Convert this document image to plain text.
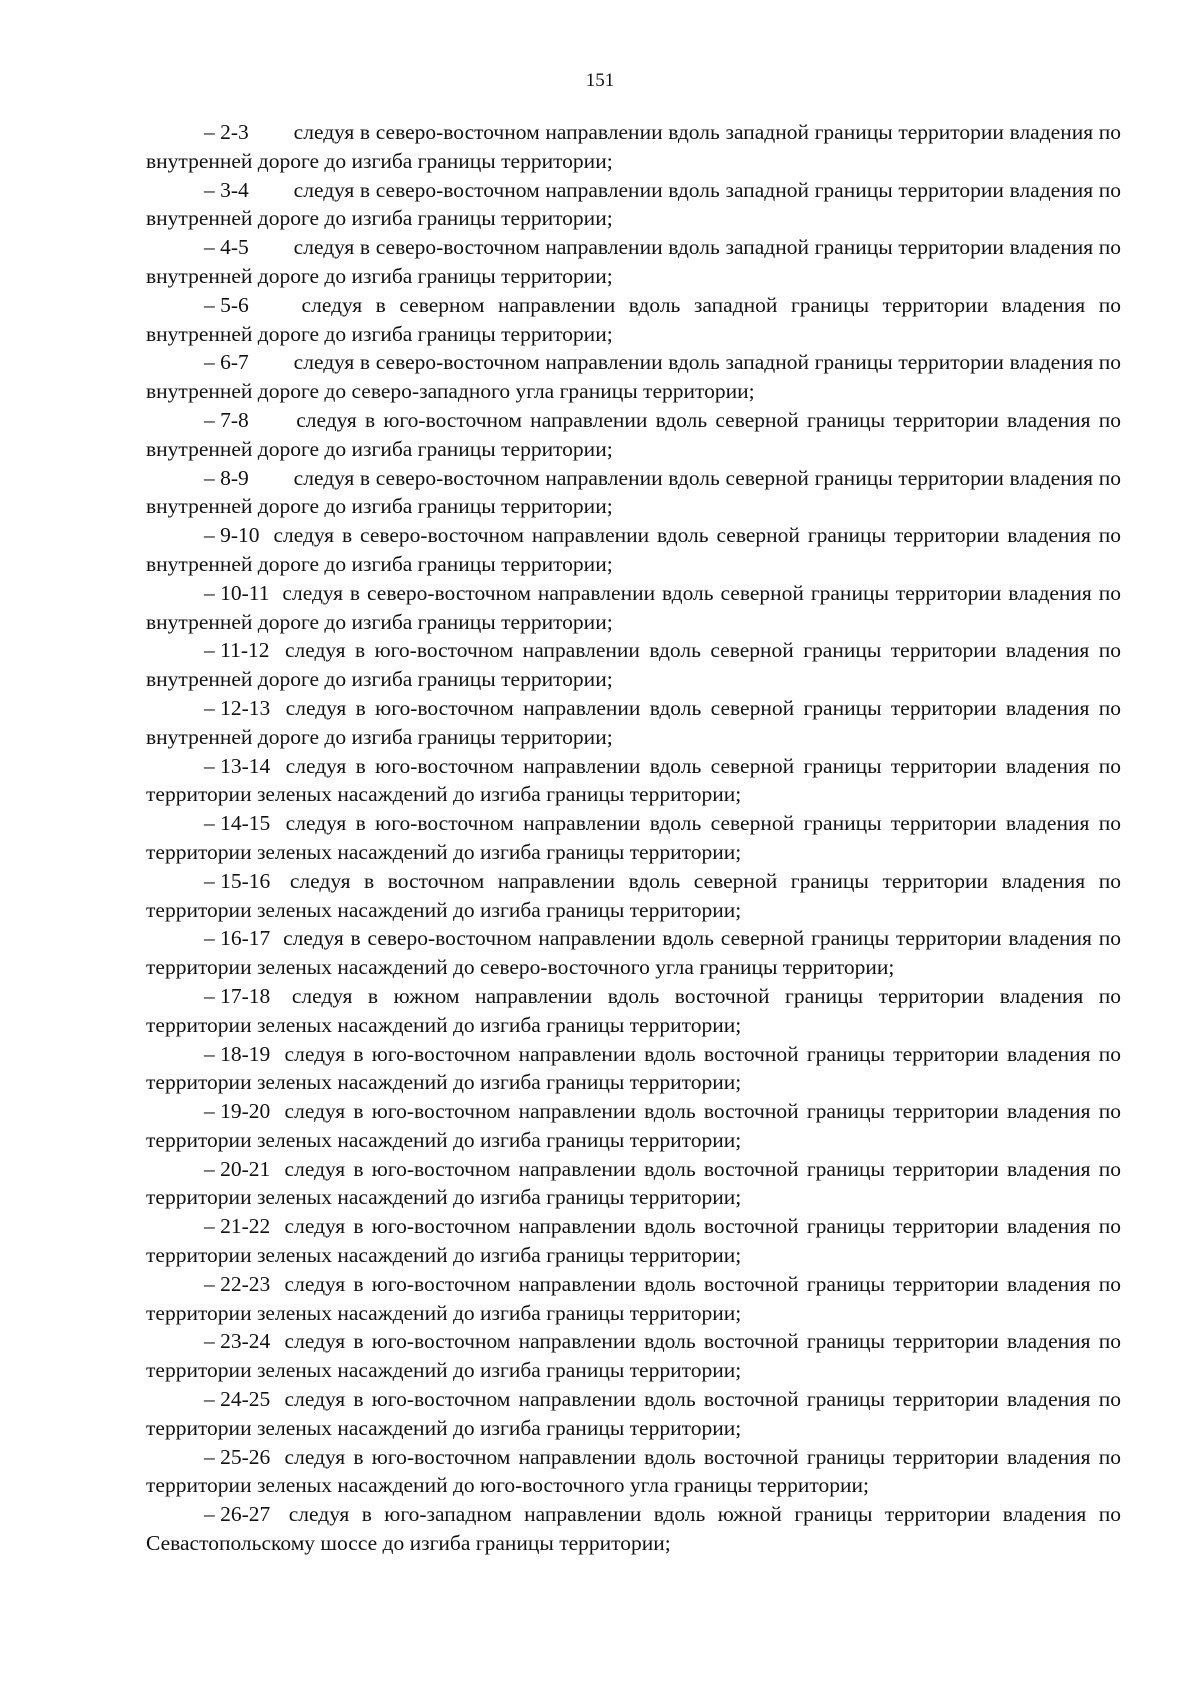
151

– 2-3 следуя в северо-восточном направлении вдоль западной границы территории владения по внутренней дороге до изгиба границы территории;

– 3-4 следуя в северо-восточном направлении вдоль западной границы территории владения по внутренней дороге до изгиба границы территории;

– 4-5 следуя в северо-восточном направлении вдоль западной границы территории владения по внутренней дороге до изгиба границы территории;

– 5-6 следуя в северном направлении вдоль западной границы территории владения по внутренней дороге до изгиба границы территории;

– 6-7 следуя в северо-восточном направлении вдоль западной границы территории владения по внутренней дороге до северо-западного угла границы территории;

– 7-8 следуя в юго-восточном направлении вдоль северной границы территории владения по внутренней дороге до изгиба границы территории;

– 8-9 следуя в северо-восточном направлении вдоль северной границы территории владения по внутренней дороге до изгиба границы территории;

– 9-10 следуя в северо-восточном направлении вдоль северной границы территории владения по внутренней дороге до изгиба границы территории;

– 10-11 следуя в северо-восточном направлении вдоль северной границы территории владения по внутренней дороге до изгиба границы территории;

– 11-12 следуя в юго-восточном направлении вдоль северной границы территории владения по внутренней дороге до изгиба границы территории;

– 12-13 следуя в юго-восточном направлении вдоль северной границы территории владения по внутренней дороге до изгиба границы территории;

– 13-14 следуя в юго-восточном направлении вдоль северной границы территории владения по территории зеленых насаждений до изгиба границы территории;

– 14-15 следуя в юго-восточном направлении вдоль северной границы территории владения по территории зеленых насаждений до изгиба границы территории;

– 15-16 следуя в восточном направлении вдоль северной границы территории владения по территории зеленых насаждений до изгиба границы территории;

– 16-17 следуя в северо-восточном направлении вдоль северной границы территории владения по территории зеленых насаждений до северо-восточного угла границы территории;

– 17-18 следуя в южном направлении вдоль восточной границы территории владения по территории зеленых насаждений до изгиба границы территории;

– 18-19 следуя в юго-восточном направлении вдоль восточной границы территории владения по территории зеленых насаждений до изгиба границы территории;

– 19-20 следуя в юго-восточном направлении вдоль восточной границы территории владения по территории зеленых насаждений до изгиба границы территории;

– 20-21 следуя в юго-восточном направлении вдоль восточной границы территории владения по территории зеленых насаждений до изгиба границы территории;

– 21-22 следуя в юго-восточном направлении вдоль восточной границы территории владения по территории зеленых насаждений до изгиба границы территории;

– 22-23 следуя в юго-восточном направлении вдоль восточной границы территории владения по территории зеленых насаждений до изгиба границы территории;

– 23-24 следуя в юго-восточном направлении вдоль восточной границы территории владения по территории зеленых насаждений до изгиба границы территории;

– 24-25 следуя в юго-восточном направлении вдоль восточной границы территории владения по территории зеленых насаждений до изгиба границы территории;

– 25-26 следуя в юго-восточном направлении вдоль восточной границы территории владения по территории зеленых насаждений до юго-восточного угла границы территории;

– 26-27 следуя в юго-западном направлении вдоль южной границы территории владения по Севастопольскому шоссе до изгиба границы территории;
